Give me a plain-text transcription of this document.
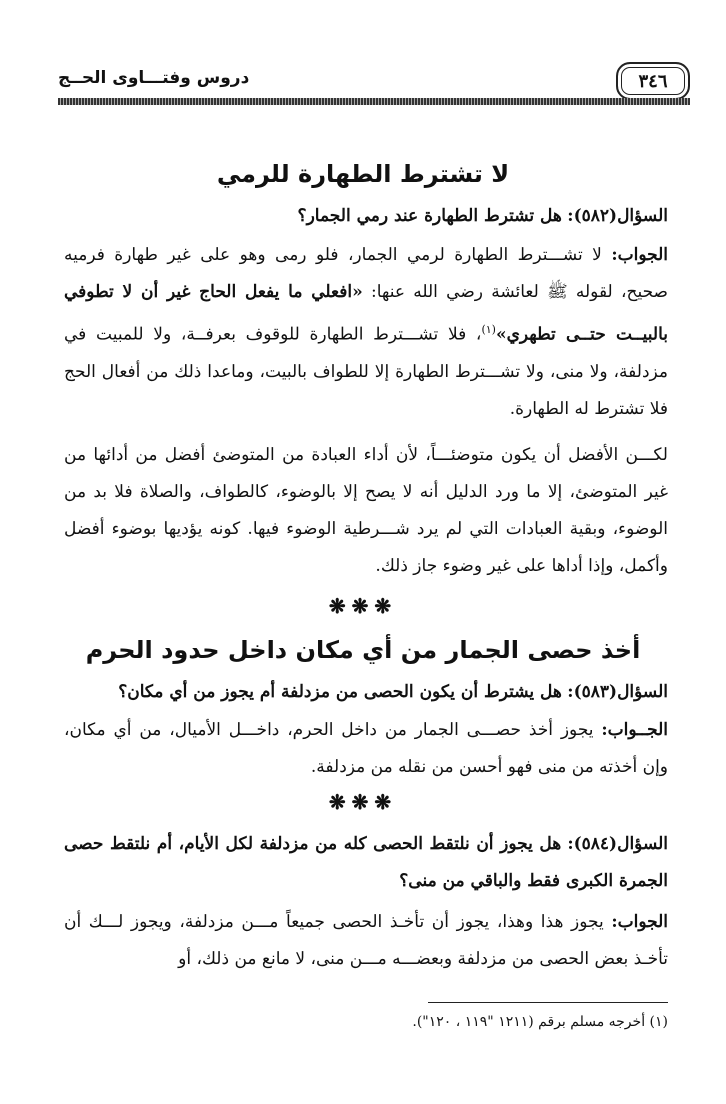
٣٤٦
دروس وفتـــاوى الحــج
لا تشترط الطهارة للرمي
السؤال(٥٨٢): هل تشترط الطهارة عند رمي الجمار؟
الجواب: لا تشـــترط الطهارة لرمي الجمار، فلو رمى وهو على غير طهارة فرميه صحيح، لقوله ﷺ لعائشة رضي الله عنها: «افعلي ما يفعل الحاج غير أن لا تطوفي بالبيــت حتــى تطهري»$^{(١)}$، فلا تشـــترط الطهارة للوقوف بعرفــة، ولا للمبيت في مزدلفة، ولا منى، ولا تشـــترط الطهارة إلا للطواف بالبيت، وماعدا ذلك من أفعال الحج فلا تشترط له الطهارة.
لكـــن الأفضل أن يكون متوضئـــاً، لأن أداء العبادة من المتوضئ أفضل من أدائها من غير المتوضئ، إلا ما ورد الدليل أنه لا يصح إلا بالوضوء، كالطواف، والصلاة فلا بد من الوضوء، وبقية العبادات التي لم يرد شـــرطية الوضوء فيها. كونه يؤديها بوضوء أفضل وأكمل، وإذا أداها على غير وضوء جاز ذلك.
❋❋❋
أخذ حصى الجمار من أي مكان داخل حدود الحرم
السؤال(٥٨٣): هل يشترط أن يكون الحصى من مزدلفة أم يجوز من أي مكان؟
الجــواب: يجوز أخذ حصـــى الجمار من داخل الحرم، داخـــل الأميال، من أي مكان، وإن أخذته من منى فهو أحسن من نقله من مزدلفة.
❋❋❋
السؤال(٥٨٤): هل يجوز أن نلتقط الحصى كله من مزدلفة لكل الأيام، أم نلتقط حصى الجمرة الكبرى فقط والباقي من منى؟
الجواب: يجوز هذا وهذا، يجوز أن تأخـذ الحصى جميعاً مـــن مزدلفة، ويجوز لـــك أن تأخـذ بعض الحصى من مزدلفة وبعضـــه مـــن منى، لا مانع من ذلك، أو
(١) أخرجه مسلم برقم (١٢١١ "١١٩ ، ١٢٠").
